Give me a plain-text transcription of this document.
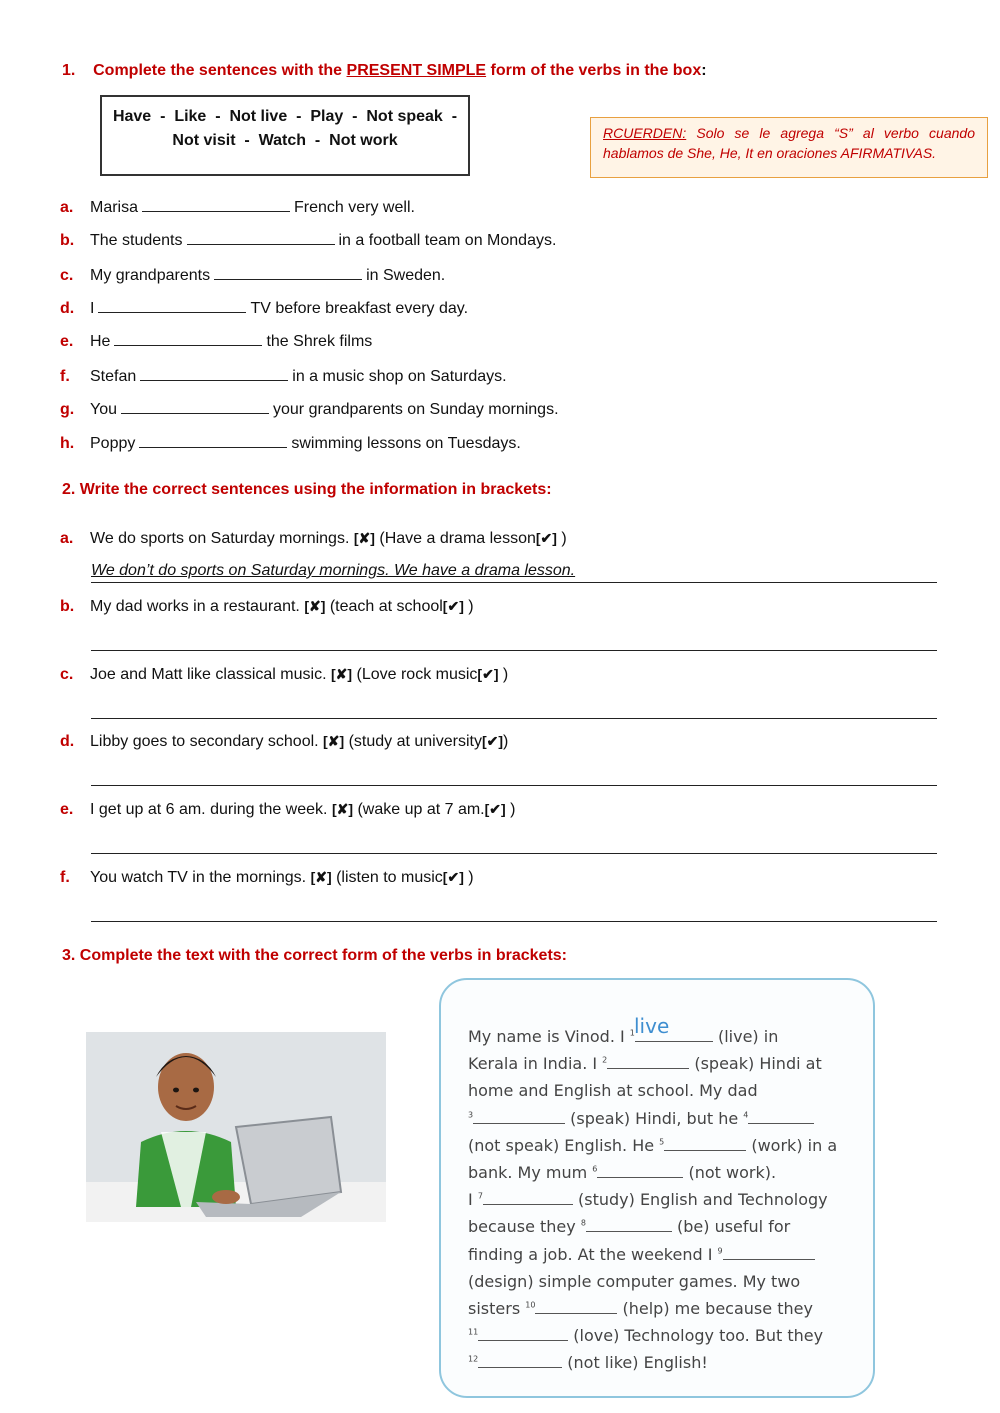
1. Complete the sentences with the PRESENT SIMPLE form of the verbs in the box:
Have  -  Like  -  Not live  -  Play  -  Not speak  -
Not visit  -  Watch  -  Not work	RCUERDEN: Solo se le agrega “S” al verbo cuando hablamos de She, He, It en oraciones AFIRMATIVAS.
a. Marisa	French very well.
b. The students	in a football team on Mondays.
c. My grandparents	in Sweden.
d. I	TV before breakfast every day.
e. He	the Shrek films
f. Stefan	in a music shop on Saturdays.
g. You	your grandparents on Sunday mornings.
h. Poppy	swimming lessons on Tuesdays.
2. Write the correct sentences using the information in brackets:
a. We do sports on Saturday mornings. [✘] (Have a drama lesson[✔] )
We don’t do sports on Saturday mornings. We have a drama lesson.
b. My dad works in a restaurant. [✘] (teach at school[✔] )
c. Joe and Matt like classical music. [✘] (Love rock music[✔] )
d. Libby goes to secondary school. [✘] (study at university[✔])
e. I get up at 6 am. during the week. [✘] (wake up at 7 am.[✔] )
f. You watch TV in the mornings. [✘] (listen to music[✔] )
3. Complete the text with the correct form of the verbs in brackets:
My name is Vinod. I $^1$	(live) in
Kerala in India. I $^2$	(speak) Hindi at
home and English at school. My dad
$^3$	(speak) Hindi, but he $^4$
(not speak) English. He $^5$	(work) in a
bank. My mum $^6$	(not work).
I $^7$	(study) English and Technology
because they $^8$	(be) useful for
finding a job. At the weekend I $^9$
(design) simple computer games. My two
sisters $^{10}$	(help) me because they
$^{11}$	(love) Technology too. But they
$^{12}$	(not like) English!
live
